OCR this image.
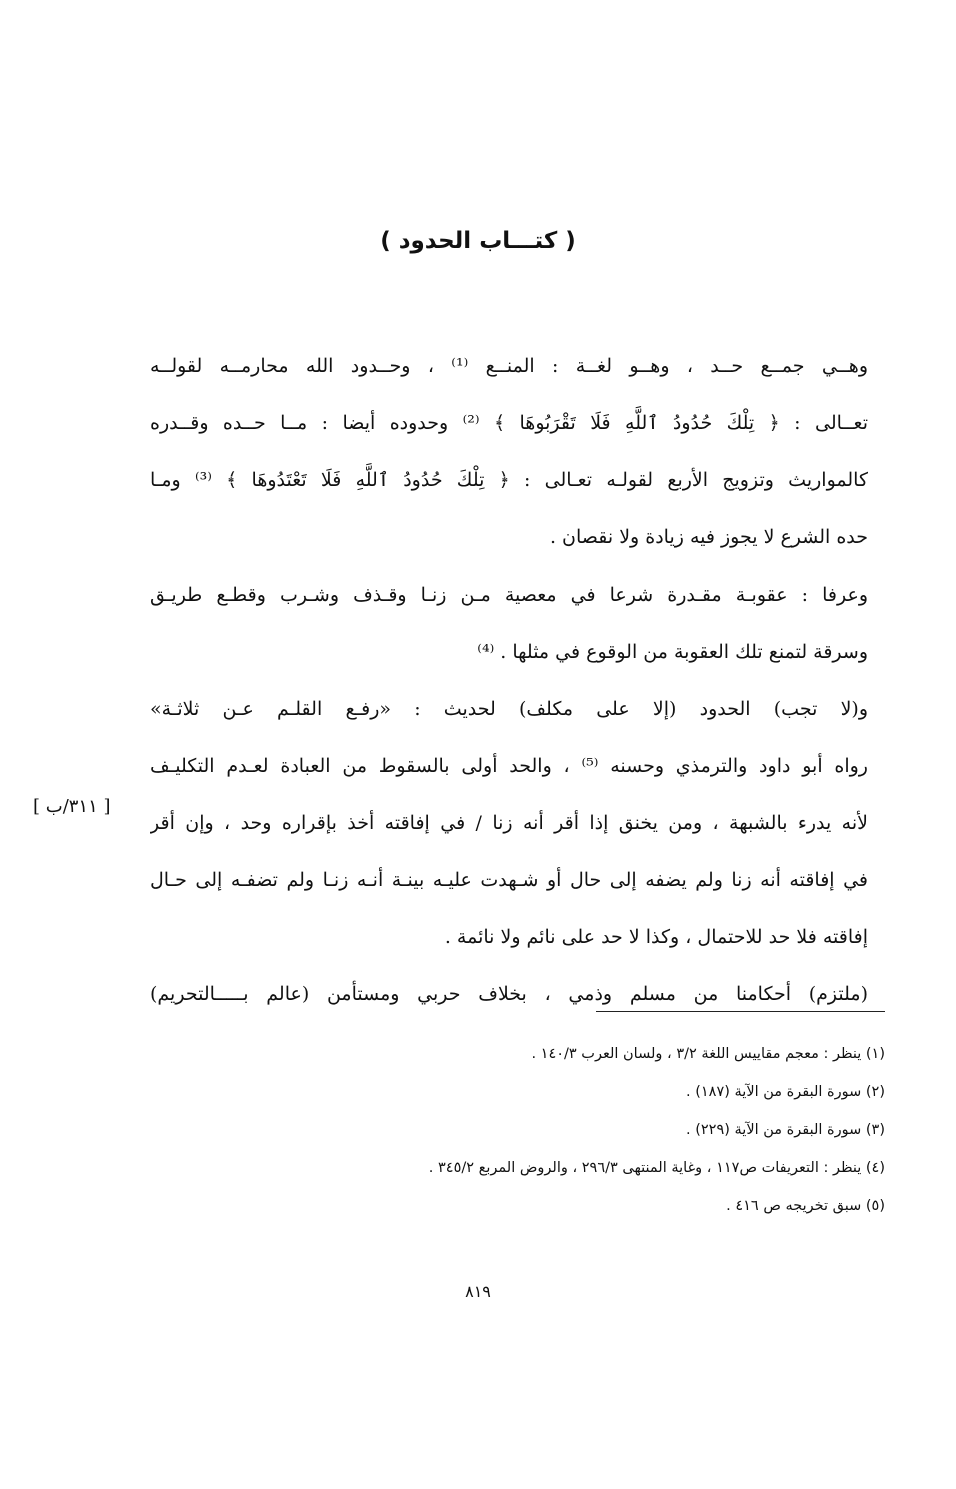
( كتـــاب الحدود )
وهــي جمــع حــد ، وهــو لغــة : المنــع ⁽¹⁾ ، وحــدود الله محارمــه لقولــه
تعــالى : ﴿ تِلْكَ حُدُودُ ٱللَّهِ فَلَا تَقْرَبُوهَا ﴾ ⁽²⁾ وحدوده أيضا : مــا حــده وقــدره
كالمواريث وتزويج الأربع لقولـه تعـالى : ﴿ تِلْكَ حُدُودُ ٱللَّهِ فَلَا تَعْتَدُوهَا ﴾ ⁽³⁾ ومـا
حده الشرع لا يجوز فيه زيادة ولا نقصان .
وعرفا : عقوبـة مقـدرة شرعا في معصية مـن زنـا وقـذف وشـرب وقطـع طريـق
وسرقة لتمنع تلك العقوبة من الوقوع في مثلها . ⁽⁴⁾
و(لا تجب) الحدود (إلا على مكلف) لحديث : «رفـع القلـم عـن ثلاثـة»
رواه أبو داود والترمذي وحسنه ⁽⁵⁾ ، والحد أولى بالسقوط من العبادة لعـدم التكليـف
لأنه يدرء بالشبهة ، ومن يخنق إذا أقر أنه زنا / في إفاقته أخذ بإقراره وحد ، وإن أقر
في إفاقته أنه زنا ولم يضفه إلى حال أو شـهدت عليـه بينـة أنـه زنـا ولم تضفـه إلى حـال
إفاقته فلا حد للاحتمال ، وكذا لا حد على نائم ولا نائمة .
(ملتزم) أحكامنا من مسلم وذمي ، بخلاف حربي ومستأمن (عالم بـــــالتحريم)
[ ٣١١/ب ]
(١) ينظر : معجم مقاييس اللغة ٣/٢ ، ولسان العرب ١٤٠/٣ .
(٢) سورة البقرة من الآية (١٨٧) .
(٣) سورة البقرة من الآية (٢٢٩) .
(٤) ينظر : التعريفات ص١١٧ ، وغاية المنتهى ٢٩٦/٣ ، والروض المربع ٣٤٥/٢ .
(٥) سبق تخريجه ص ٤١٦ .
٨١٩
